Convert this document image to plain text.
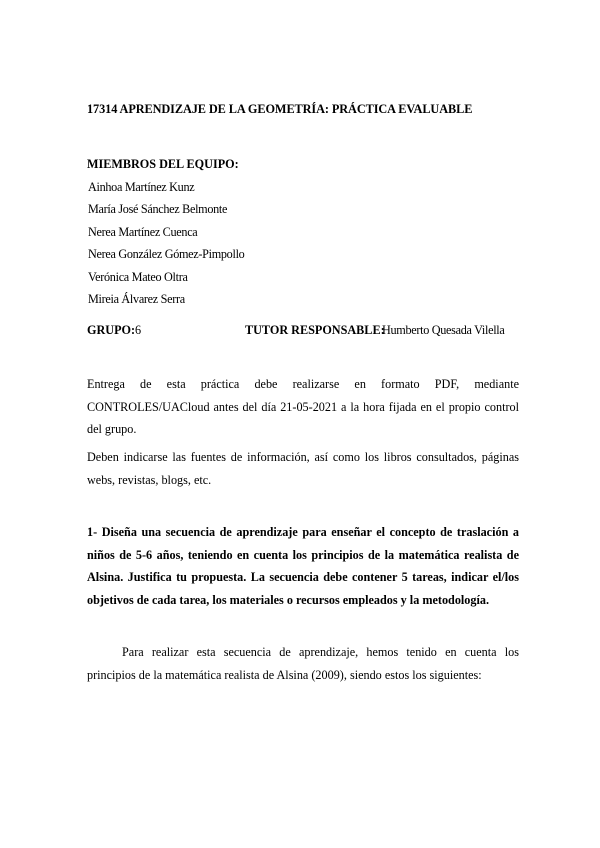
17314 APRENDIZAJE DE LA GEOMETRÍA: PRÁCTICA EVALUABLE
MIEMBROS DEL EQUIPO:
Ainhoa Martínez Kunz
María José Sánchez Belmonte
Nerea Martínez Cuenca
Nerea González Gómez-Pimpollo
Verónica Mateo Oltra
Mireia Álvarez Serra
GRUPO: 6	TUTOR RESPONSABLE:
Humberto Quesada Vilella
Entrega de esta práctica debe realizarse en formato PDF, mediante CONTROLES/UACloud antes del día 21-05-2021 a la hora fijada en el propio control del grupo.
Deben indicarse las fuentes de información, así como los libros consultados, páginas webs, revistas, blogs, etc.
1- Diseña una secuencia de aprendizaje para enseñar el concepto de traslación a niños de 5-6 años, teniendo en cuenta los principios de la matemática realista de Alsina. Justifica tu propuesta. La secuencia debe contener 5 tareas, indicar el/los objetivos de cada tarea, los materiales o recursos empleados y la metodología.
Para realizar esta secuencia de aprendizaje, hemos tenido en cuenta los principios de la matemática realista de Alsina (2009), siendo estos los siguientes:
